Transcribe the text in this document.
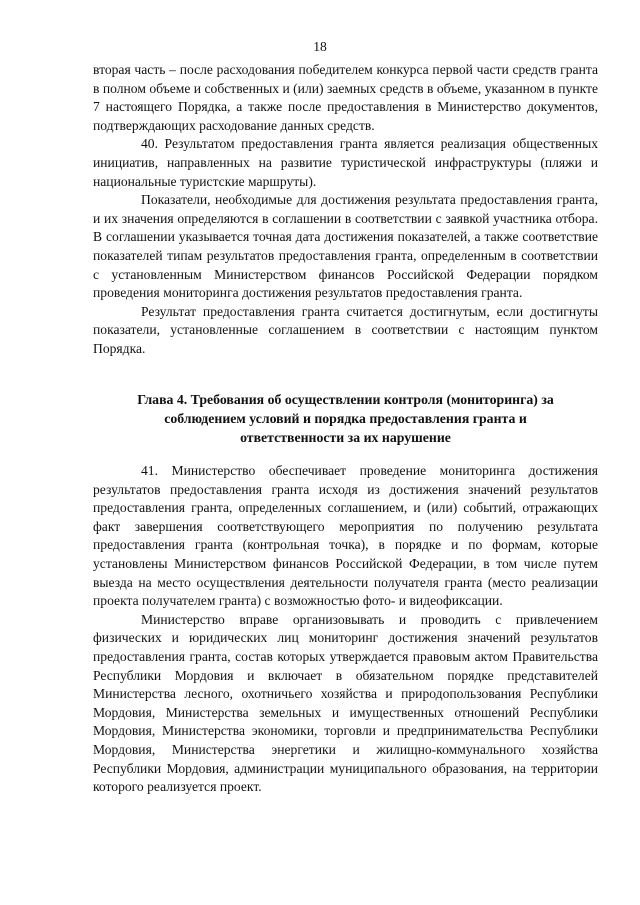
18

вторая часть – после расходования победителем конкурса первой части средств гранта в полном объеме и собственных и (или) заемных средств в объеме, указанном в пункте 7 настоящего Порядка, а также после предоставления в Министерство документов, подтверждающих расходование данных средств.

40. Результатом предоставления гранта является реализация общественных инициатив, направленных на развитие туристической инфраструктуры (пляжи и национальные туристские маршруты).

Показатели, необходимые для достижения результата предоставления гранта, и их значения определяются в соглашении в соответствии с заявкой участника отбора. В соглашении указывается точная дата достижения показателей, а также соответствие показателей типам результатов предоставления гранта, определенным в соответствии с установленным Министерством финансов Российской Федерации порядком проведения мониторинга достижения результатов предоставления гранта.

Результат предоставления гранта считается достигнутым, если достигнуты показатели, установленные соглашением в соответствии с настоящим пунктом Порядка.

Глава 4. Требования об осуществлении контроля (мониторинга) за
соблюдением условий и порядка предоставления гранта и
ответственности за их нарушение

41. Министерство обеспечивает проведение мониторинга достижения результатов предоставления гранта исходя из достижения значений результатов предоставления гранта, определенных соглашением, и (или) событий, отражающих факт завершения соответствующего мероприятия по получению результата предоставления гранта (контрольная точка), в порядке и по формам, которые установлены Министерством финансов Российской Федерации, в том числе путем выезда на место осуществления деятельности получателя гранта (место реализации проекта получателем гранта) с возможностью фото- и видеофиксации.

Министерство вправе организовывать и проводить с привлечением физических и юридических лиц мониторинг достижения значений результатов предоставления гранта, состав которых утверждается правовым актом Правительства Республики Мордовия и включает в обязательном порядке представителей Министерства лесного, охотничьего хозяйства и природопользования Республики Мордовия, Министерства земельных и имущественных отношений Республики Мордовия, Министерства экономики, торговли и предпринимательства Республики Мордовия, Министерства энергетики и жилищно-коммунального хозяйства Республики Мордовия, администрации муниципального образования, на территории которого реализуется проект.
